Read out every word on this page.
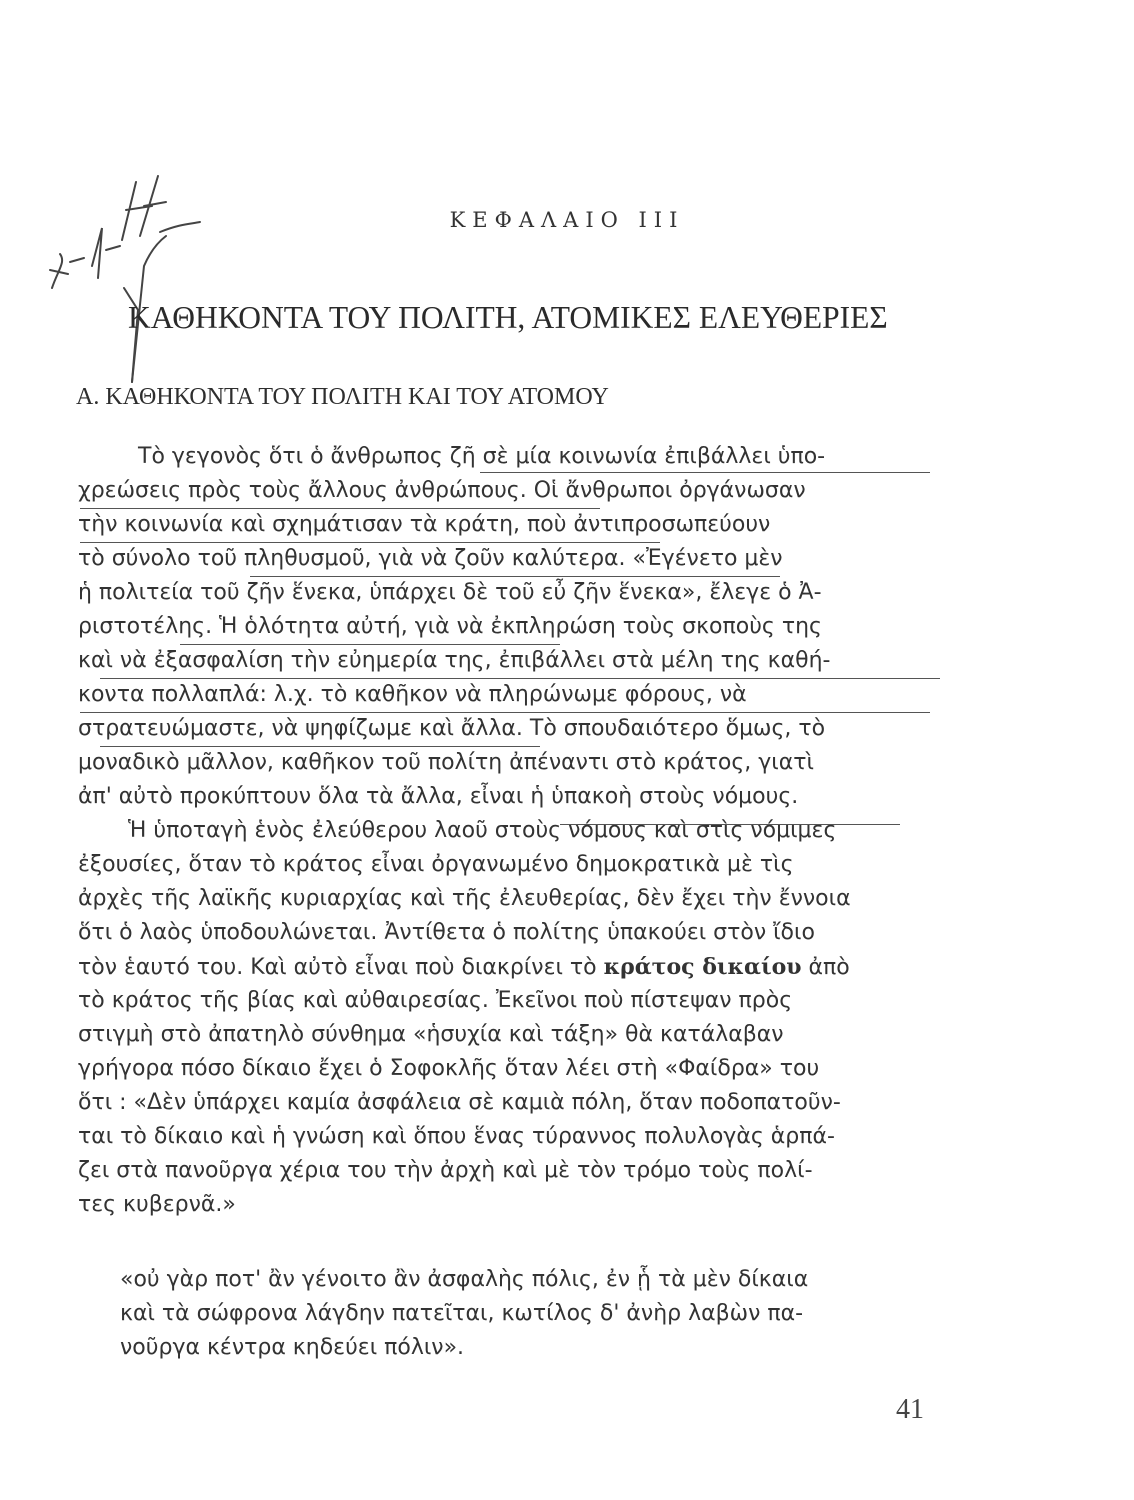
ΚΕΦΑΛΑΙΟ III
ΚΑΘΗΚΟΝΤΑ ΤΟΥ ΠΟΛΙΤΗ, ΑΤΟΜΙΚΕΣ ΕΛΕΥΘΕΡΙΕΣ
Α. ΚΑΘΗΚΟΝΤΑ ΤΟΥ ΠΟΛΙΤΗ ΚΑΙ ΤΟΥ ΑΤΟΜΟΥ
Τὸ γεγονὸς ὅτι ὁ ἄνθρωπος ζῆ σὲ μία κοινωνία ἐπιβάλλει ὑπο-
χρεώσεις πρὸς τοὺς ἄλλους ἀνθρώπους. Οἱ ἄνθρωποι ὀργάνωσαν
τὴν κοινωνία καὶ σχημάτισαν τὰ κράτη, ποὺ ἀντιπροσωπεύουν
τὸ σύνολο τοῦ πληθυσμοῦ, γιὰ νὰ ζοῦν καλύτερα. «Ἐγένετο μὲν
ἡ πολιτεία τοῦ ζῆν ἕνεκα, ὑπάρχει δὲ τοῦ εὖ ζῆν ἕνεκα», ἔλεγε ὁ Ἀ-
ριστοτέλης. Ἡ ὁλότητα αὐτή, γιὰ νὰ ἐκπληρώση τοὺς σκοποὺς της
καὶ νὰ ἐξασφαλίση τὴν εὐημερία της, ἐπιβάλλει στὰ μέλη της καθή-
κοντα πολλαπλά: λ.χ. τὸ καθῆκον νὰ πληρώνωμε φόρους, νὰ
στρατευώμαστε, νὰ ψηφίζωμε καὶ ἄλλα. Τὸ σπουδαιότερο ὅμως, τὸ
μοναδικὸ μᾶλλον, καθῆκον τοῦ πολίτη ἀπέναντι στὸ κράτος, γιατὶ
ἀπ' αὐτὸ προκύπτουν ὅλα τὰ ἄλλα, εἶναι ἡ ὑπακοὴ στοὺς νόμους.
Ἡ ὑποταγὴ ἑνὸς ἐλεύθερου λαοῦ στοὺς νόμους καὶ στὶς νόμιμες
ἐξουσίες, ὅταν τὸ κράτος εἶναι ὀργανωμένο δημοκρατικὰ μὲ τὶς
ἀρχὲς τῆς λαϊκῆς κυριαρχίας καὶ τῆς ἐλευθερίας, δὲν ἔχει τὴν ἔννοια
ὅτι ὁ λαὸς ὑποδουλώνεται. Ἀντίθετα ὁ πολίτης ὑπακούει στὸν ἴδιο
τὸν ἑαυτό του. Καὶ αὐτὸ εἶναι ποὺ διακρίνει τὸ κράτος δικαίου ἀπὸ
τὸ κράτος τῆς βίας καὶ αὐθαιρεσίας. Ἐκεῖνοι ποὺ πίστεψαν πρὸς
στιγμὴ στὸ ἀπατηλὸ σύνθημα «ἡσυχία καὶ τάξη» θὰ κατάλαβαν
γρήγορα πόσο δίκαιο ἔχει ὁ Σοφοκλῆς ὅταν λέει στὴ «Φαίδρα» του
ὅτι : «Δὲν ὑπάρχει καμία ἀσφάλεια σὲ καμιὰ πόλη, ὅταν ποδοπατοῦν-
ται τὸ δίκαιο καὶ ἡ γνώση καὶ ὅπου ἕνας τύραννος πολυλογὰς ἁρπά-
ζει στὰ πανοῦργα χέρια του τὴν ἀρχὴ καὶ μὲ τὸν τρόμο τοὺς πολί-
τες κυβερνᾶ.»
«οὐ γὰρ ποτ' ἂν γένοιτο ἂν ἀσφαλὴς πόλις, ἐν ᾗ τὰ μὲν δίκαια
καὶ τὰ σώφρονα λάγδην πατεῖται, κωτίλος δ' ἀνὴρ λαβὼν πα-
νοῦργα κέντρα κηδεύει πόλιν».
41
